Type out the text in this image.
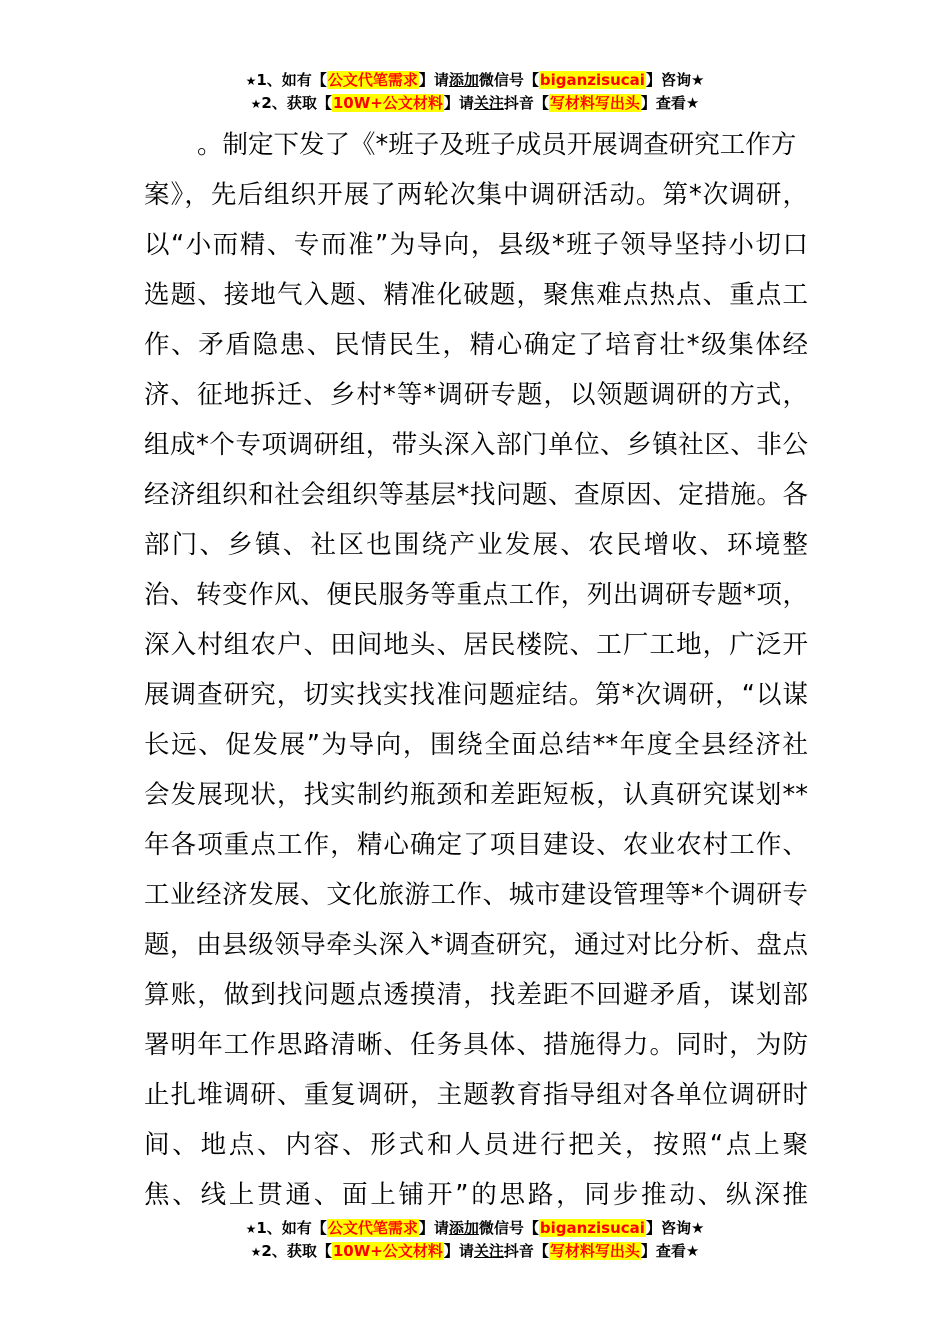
★1、如有【公文代笔需求】请添加微信号【biganzisucai】咨询★
★2、获取【10W+公文材料】请关注抖音【写材料写出头】查看★
。制定下发了《*班子及班子成员开展调查研究工作方
案》，先后组织开展了两轮次集中调研活动。第*次调研，
以“小而精、专而准”为导向，县级*班子领导坚持小切口
选题、接地气入题、精准化破题，聚焦难点热点、重点工
作、矛盾隐患、民情民生，精心确定了培育壮*级集体经
济、征地拆迁、乡村*等*调研专题，以领题调研的方式，
组成*个专项调研组，带头深入部门单位、乡镇社区、非公
经济组织和社会组织等基层*找问题、查原因、定措施。各
部门、乡镇、社区也围绕产业发展、农民增收、环境整
治、转变作风、便民服务等重点工作，列出调研专题*项，
深入村组农户、田间地头、居民楼院、工厂工地，广泛开
展调查研究，切实找实找准问题症结。第*次调研，“以谋
长远、促发展”为导向，围绕全面总结**年度全县经济社
会发展现状，找实制约瓶颈和差距短板，认真研究谋划**
年各项重点工作，精心确定了项目建设、农业农村工作、
工业经济发展、文化旅游工作、城市建设管理等*个调研专
题，由县级领导牵头深入*调查研究，通过对比分析、盘点
算账，做到找问题点透摸清，找差距不回避矛盾，谋划部
署明年工作思路清晰、任务具体、措施得力。同时，为防
止扎堆调研、重复调研，主题教育指导组对各单位调研时
间、地点、内容、形式和人员进行把关，按照“点上聚
焦、线上贯通、面上铺开”的思路，同步推动、纵深推
★1、如有【公文代笔需求】请添加微信号【biganzisucai】咨询★
★2、获取【10W+公文材料】请关注抖音【写材料写出头】查看★
